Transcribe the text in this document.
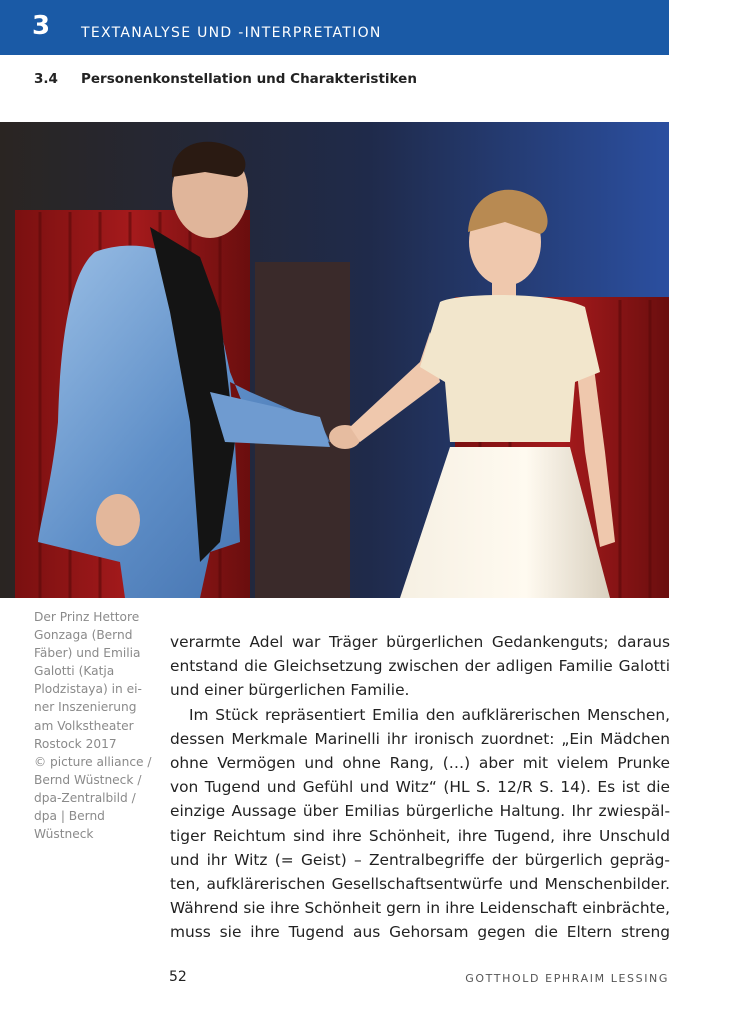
3 TEXTANALYSE UND -INTERPRETATION
3.4 Personenkonstellation und Charakteristiken
Der Prinz Hettore
Gonzaga (Bernd
Fäber) und Emilia
Galotti (Katja
Plodzistaya) in ei-
ner Inszenierung
am Volkstheater
Rostock 2017
© picture alliance /
Bernd Wüstneck /
dpa-Zentralbild /
dpa | Bernd
Wüstneck
verarmte Adel war Träger bürgerlichen Gedankenguts; daraus
entstand die Gleichsetzung zwischen der adligen Familie Galotti
und einer bürgerlichen Familie.
Im Stück repräsentiert Emilia den aufklärerischen Menschen,
dessen Merkmale Marinelli ihr ironisch zuordnet: „Ein Mädchen
ohne Vermögen und ohne Rang, (…) aber mit vielem Prunke
von Tugend und Gefühl und Witz“ (HL S. 12/R S. 14). Es ist die
einzige Aussage über Emilias bürgerliche Haltung. Ihr zwiespäl-
tiger Reichtum sind ihre Schönheit, ihre Tugend, ihre Unschuld
und ihr Witz (= Geist) – Zentralbegriffe der bürgerlich gepräg-
ten, aufklärerischen Gesellschaftsentwürfe und Menschenbilder.
Während sie ihre Schönheit gern in ihre Leidenschaft einbrächte,
muss sie ihre Tugend aus Gehorsam gegen die Eltern streng
52	GOTTHOLD EPHRAIM LESSING
